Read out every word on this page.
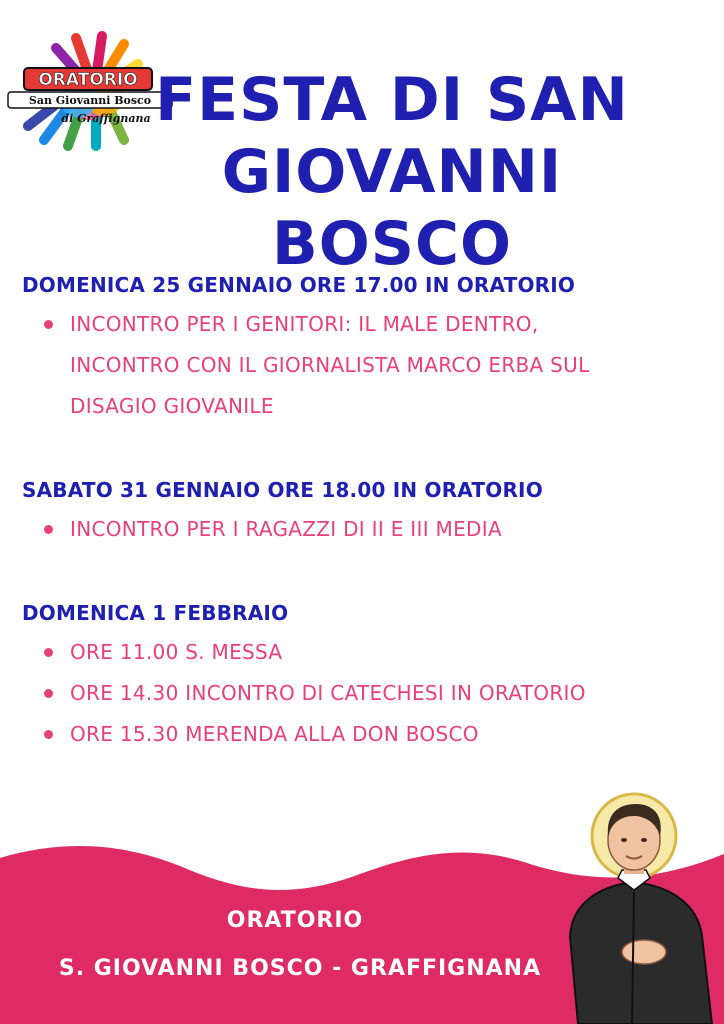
ORATORIO
San Giovanni Bosco
di Graffignana FESTA DI SAN
GIOVANNI BOSCO

DOMENICA 25 GENNAIO ORE 17.00 IN ORATORIO

INCONTRO PER I GENITORI: IL MALE DENTRO,
INCONTRO CON IL GIORNALISTA MARCO ERBA SUL
DISAGIO GIOVANILE

SABATO 31 GENNAIO ORE 18.00 IN ORATORIO

INCONTRO PER I RAGAZZI DI II E III MEDIA

DOMENICA 1 FEBBRAIO

ORE 11.00 S. MESSA
ORE 14.30 INCONTRO DI CATECHESI IN ORATORIO
ORE 15.30 MERENDA ALLA DON BOSCO
ORATORIO
S. GIOVANNI BOSCO - GRAFFIGNANA
